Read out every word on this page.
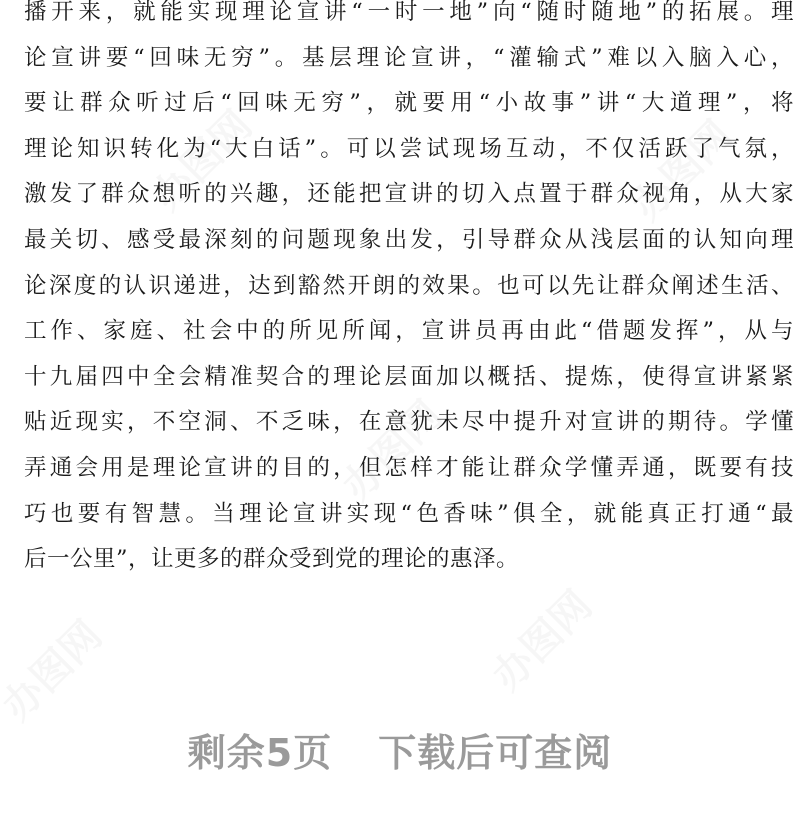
播开来，就能实现理论宣讲“一时一地”向“随时随地”的拓展。理
论宣讲要“回味无穷”。基层理论宣讲，“灌输式”难以入脑入心，
要让群众听过后“回味无穷”，就要用“小故事”讲“大道理”，将
理论知识转化为“大白话”。可以尝试现场互动，不仅活跃了气氛，
激发了群众想听的兴趣，还能把宣讲的切入点置于群众视角，从大家
最关切、感受最深刻的问题现象出发，引导群众从浅层面的认知向理
论深度的认识递进，达到豁然开朗的效果。也可以先让群众阐述生活、
工作、家庭、社会中的所见所闻，宣讲员再由此“借题发挥”，从与
十九届四中全会精准契合的理论层面加以概括、提炼，使得宣讲紧紧
贴近现实，不空洞、不乏味，在意犹未尽中提升对宣讲的期待。学懂
弄通会用是理论宣讲的目的，但怎样才能让群众学懂弄通，既要有技
巧也要有智慧。当理论宣讲实现“色香味”俱全，就能真正打通“最
后一公里”，让更多的群众受到党的理论的惠泽。
剩余5页 下载后可查阅
